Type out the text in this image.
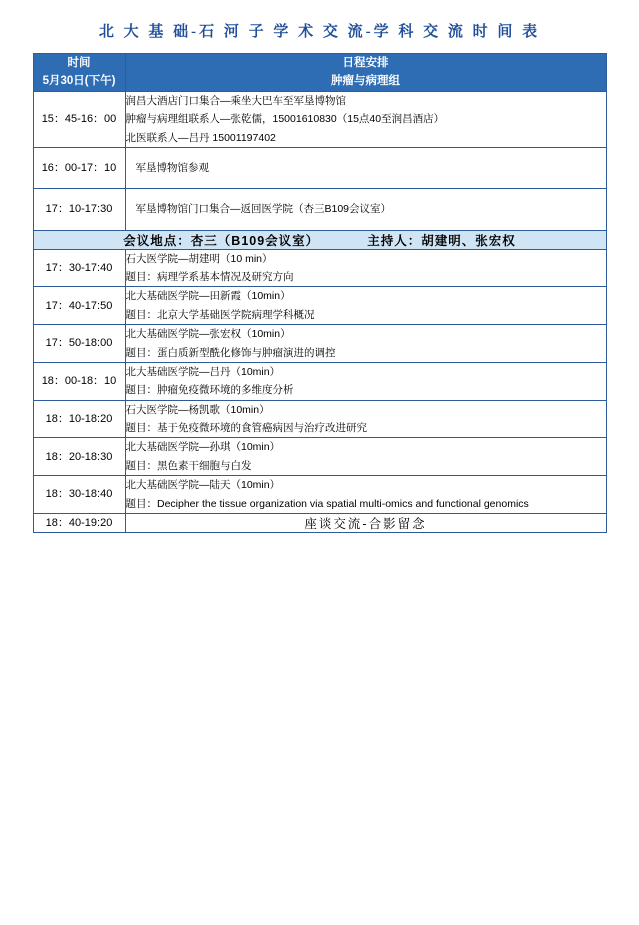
北 大 基 础-石 河 子 学 术 交 流-学 科 交 流 时 间 表
时间
5月30日(下午)	日程安排
肿瘤与病理组

15：45-16：00	润昌大酒店门口集合—乘坐大巴车至军垦博物馆
肿瘤与病理组联系人—张乾儒，15001610830（15点40至润昌酒店）
北医联系人—吕丹 15001197402

16：00-17：10	军垦博物馆参观

17：10-17:30	军垦博物馆门口集合—返回医学院（杏三B109会议室）

会议地点：杏三（B109会议室） 主持人：胡建明、张宏权	
17：30-17:40	石大医学院—胡建明（10 min）
题目：病理学系基本情况及研究方向

17：40-17:50	北大基础医学院—田新霞（10min）
题目：北京大学基础医学院病理学科概况

17：50-18:00	北大基础医学院—张宏权（10min）
题目：蛋白质新型酰化修饰与肿瘤演进的调控

18：00-18：10	北大基础医学院—吕丹（10min）
题目：肿瘤免疫微环境的多维度分析

18：10-18:20	石大医学院—杨凯歌（10min）
题目：基于免疫微环境的食管癌病因与治疗改进研究

18：20-18:30	北大基础医学院—孙琪（10min）
题目：黑色素干细胞与白发

18：30-18:40	北大基础医学院—陆天（10min）
题目：Decipher the tissue organization via spatial multi-omics and functional genomics

18：40-19:20	座谈交流-合影留念
